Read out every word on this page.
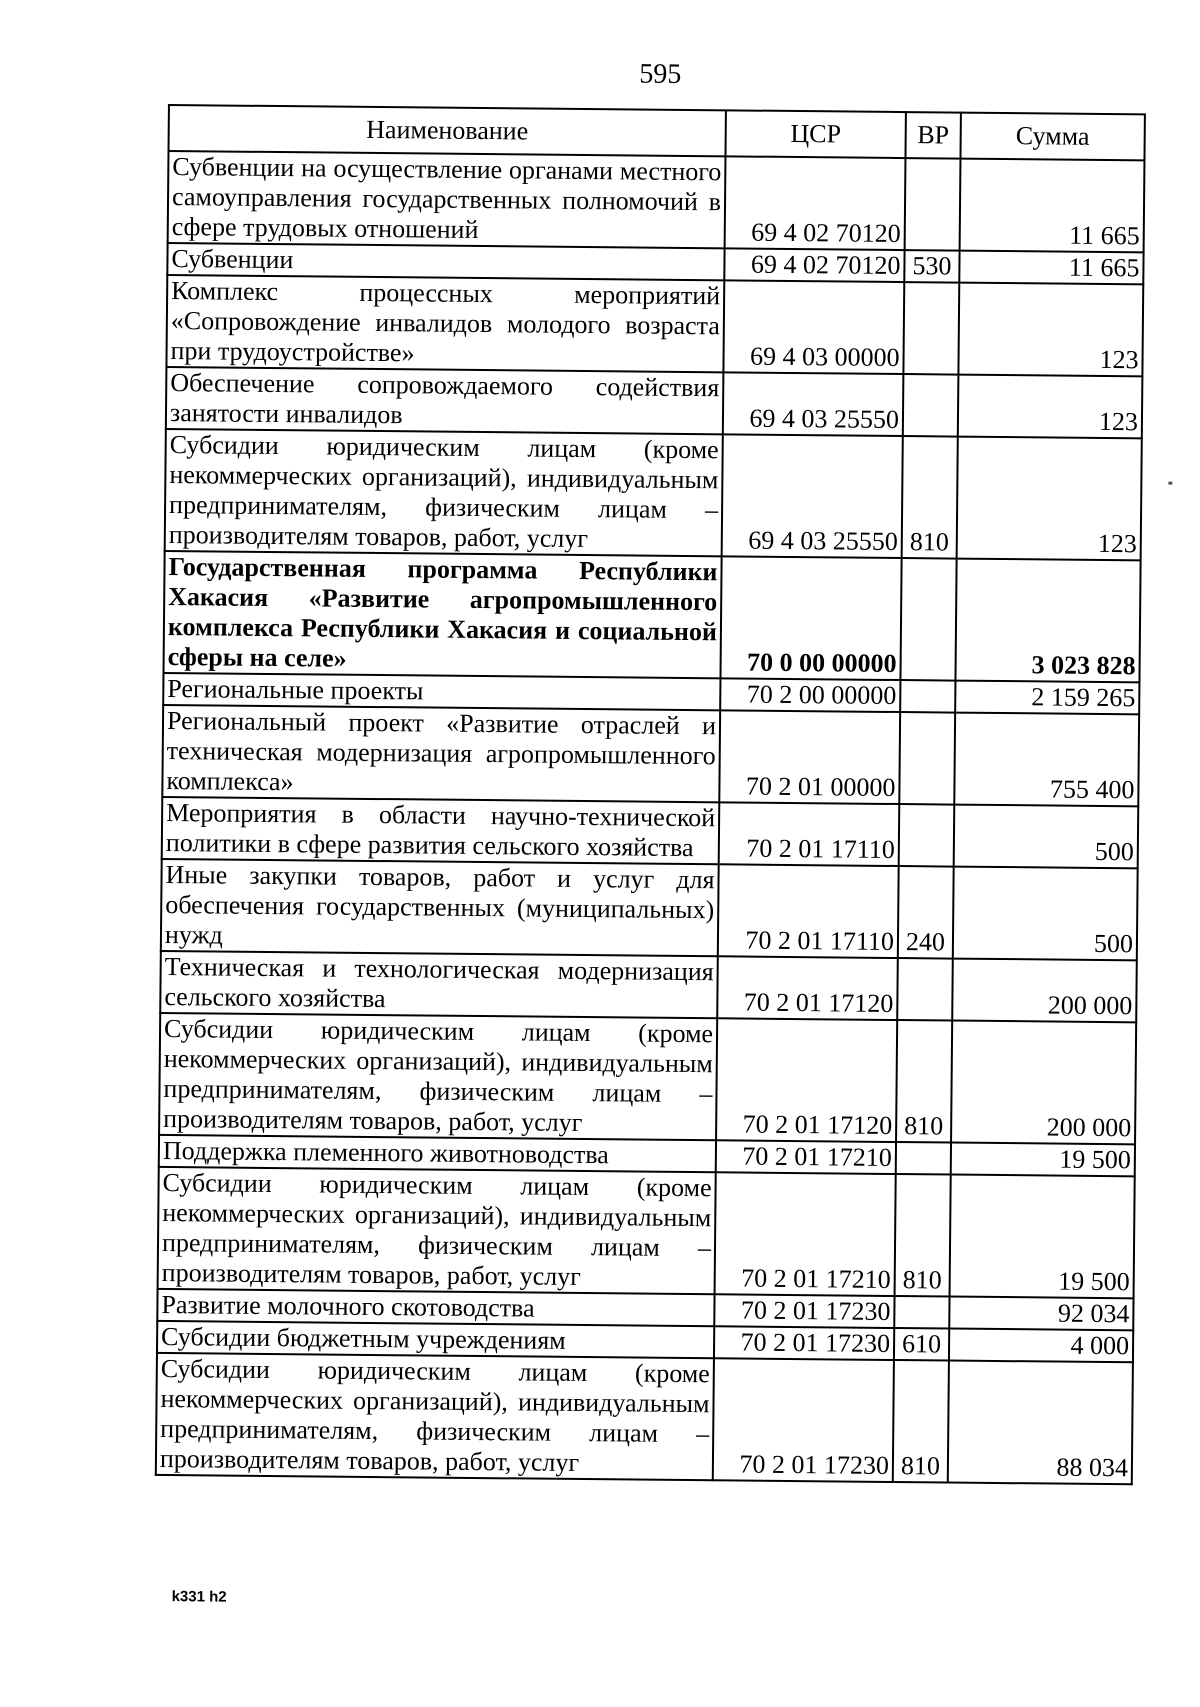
595
Наименование	ЦСР	ВР	Сумма
Субвенции на осуществление органами местного самоуправления государственных полномочий в сфере трудовых отношений	69 4 02 70120		11 665
Субвенции	69 4 02 70120	530	11 665
Комплекс процессных мероприятий «Сопровождение инвалидов молодого возраста при трудоустройстве»	69 4 03 00000		123
Обеспечение сопровождаемого содействия занятости инвалидов	69 4 03 25550		123
Субсидии юридическим лицам (кроме некоммерческих организаций), индивидуальным предпринимателям, физическим лицам – производителям товаров, работ, услуг	69 4 03 25550	810	123
Государственная программа Республики Хакасия «Развитие агропромышленного комплекса Республики Хакасия и социальной сферы на селе»	70 0 00 00000		3 023 828
Региональные проекты	70 2 00 00000		2 159 265
Региональный проект «Развитие отраслей и техническая модернизация агропромышленного комплекса»	70 2 01 00000		755 400
Мероприятия в области научно-технической политики в сфере развития сельского хозяйства	70 2 01 17110		500
Иные закупки товаров, работ и услуг для обеспечения государственных (муниципальных) нужд	70 2 01 17110	240	500
Техническая и технологическая модернизация сельского хозяйства	70 2 01 17120		200 000
Субсидии юридическим лицам (кроме некоммерческих организаций), индивидуальным предпринимателям, физическим лицам – производителям товаров, работ, услуг	70 2 01 17120	810	200 000
Поддержка племенного животноводства	70 2 01 17210		19 500
Субсидии юридическим лицам (кроме некоммерческих организаций), индивидуальным предпринимателям, физическим лицам – производителям товаров, работ, услуг	70 2 01 17210	810	19 500
Развитие молочного скотоводства	70 2 01 17230		92 034
Субсидии бюджетным учреждениям	70 2 01 17230	610	4 000
Субсидии юридическим лицам (кроме некоммерческих организаций), индивидуальным предпринимателям, физическим лицам – производителям товаров, работ, услуг	70 2 01 17230	810	88 034
k331 h2
